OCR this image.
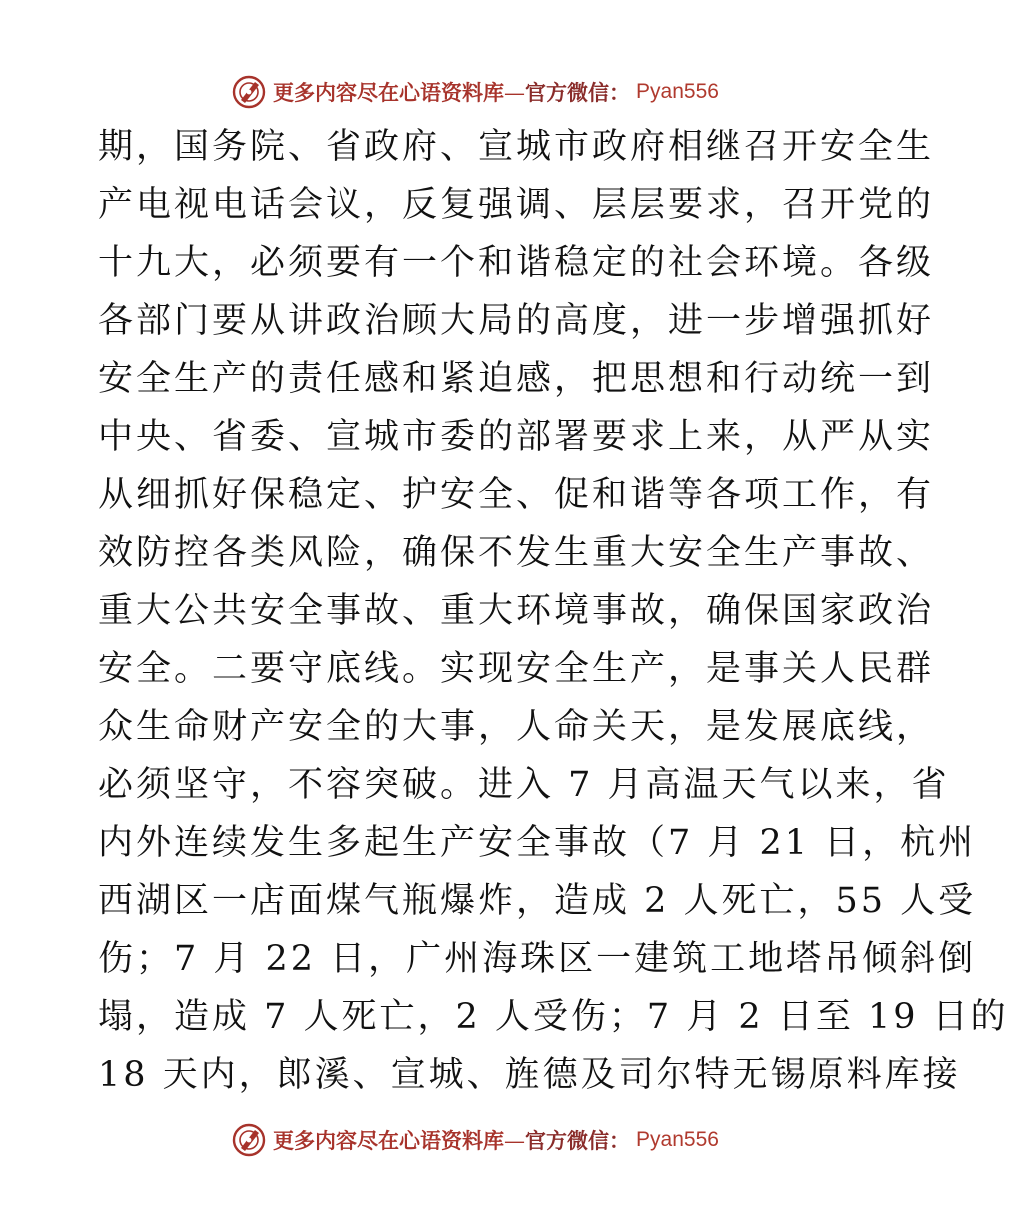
更多内容尽在心语资料库—官方微信： Pyan556
期，国务院、省政府、宣城市政府相继召开安全生
产电视电话会议，反复强调、层层要求，召开党的
十九大，必须要有一个和谐稳定的社会环境。各级
各部门要从讲政治顾大局的高度，进一步增强抓好
安全生产的责任感和紧迫感，把思想和行动统一到
中央、省委、宣城市委的部署要求上来，从严从实
从细抓好保稳定、护安全、促和谐等各项工作，有
效防控各类风险，确保不发生重大安全生产事故、
重大公共安全事故、重大环境事故，确保国家政治
安全。二要守底线。实现安全生产，是事关人民群
众生命财产安全的大事，人命关天，是发展底线，
必须坚守，不容突破。进入 7 月高温天气以来，省
内外连续发生多起生产安全事故（7 月 21 日，杭州
西湖区一店面煤气瓶爆炸，造成 2 人死亡，55 人受
伤；7 月 22 日，广州海珠区一建筑工地塔吊倾斜倒
塌，造成 7 人死亡，2 人受伤；7 月 2 日至 19 日的
18 天内，郎溪、宣城、旌德及司尔特无锡原料库接
更多内容尽在心语资料库—官方微信： Pyan556
